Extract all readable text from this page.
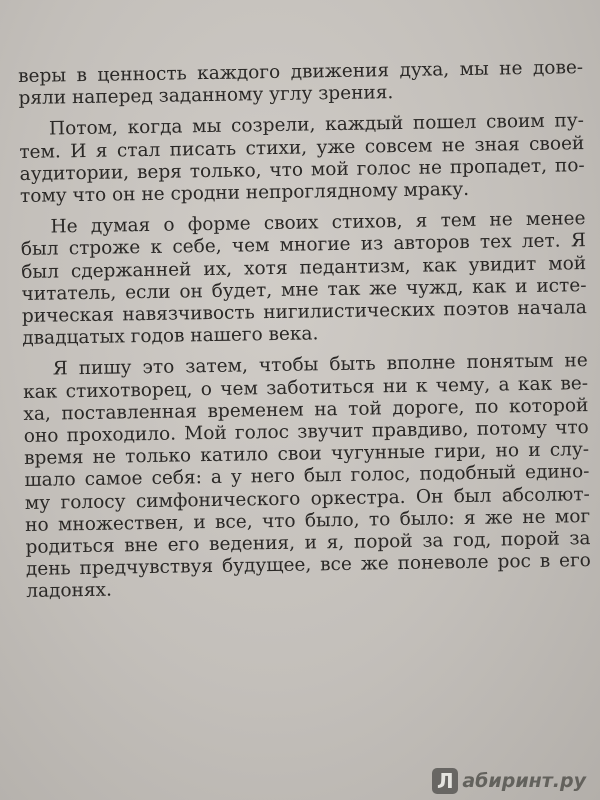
веры в ценность каждого движения духа, мы не дове-
ряли наперед заданному углу зрения.
Потом, когда мы созрели, каждый пошел своим пу-
тем. И я стал писать стихи, уже совсем не зная своей
аудитории, веря только, что мой голос не пропадет, по-
тому что он не сродни непроглядному мраку.
Не думая о форме своих стихов, я тем не менее
был строже к себе, чем многие из авторов тех лет. Я
был сдержанней их, хотя педантизм, как увидит мой
читатель, если он будет, мне так же чужд, как и исте-
рическая навязчивость нигилистических поэтов начала
двадцатых годов нашего века.
Я пишу это затем, чтобы быть вполне понятым не
как стихотворец, о чем заботиться ни к чему, а как ве-
ха, поставленная временем на той дороге, по которой
оно проходило. Мой голос звучит правдиво, потому что
время не только катило свои чугунные гири, но и слу-
шало самое себя: а у него был голос, подобный едино-
му голосу симфонического оркестра. Он был абсолют-
но множествен, и все, что было, то было: я же не мог
родиться вне его ведения, и я, порой за год, порой за
день предчувствуя будущее, все же поневоле рос в его
ладонях.
Л абиринт.ру
